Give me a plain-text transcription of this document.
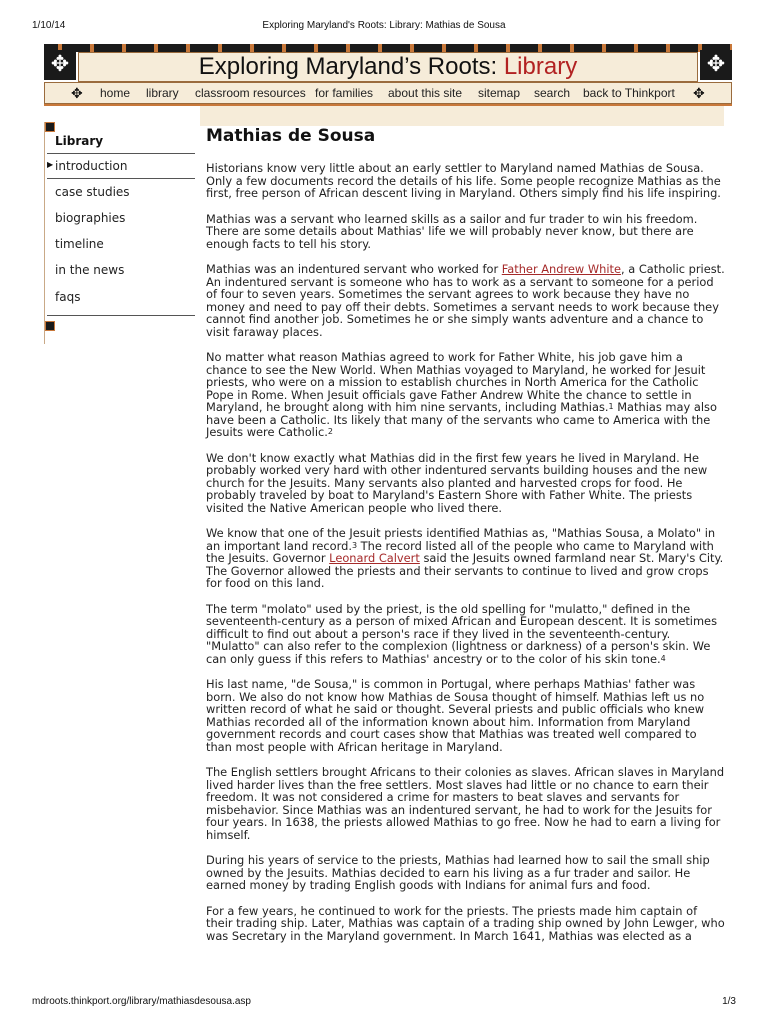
1/10/14	Exploring Maryland's Roots: Library: Mathias de Sousa
✥	Exploring Maryland’s Roots: Library	✥
✥ home library classroom resources for families about this site sitemap search back to Thinkport ✥
Library
▶ introduction
case studies
biographies
timeline
in the news
faqs
Mathias de Sousa

Historians know very little about an early settler to Maryland named Mathias de Sousa. Only a few documents record the details of his life. Some people recognize Mathias as the first, free person of African descent living in Maryland. Others simply find his life inspiring.

Mathias was a servant who learned skills as a sailor and fur trader to win his freedom. There are some details about Mathias' life we will probably never know, but there are enough facts to tell his story.

Mathias was an indentured servant who worked for Father Andrew White, a Catholic priest. An indentured servant is someone who has to work as a servant to someone for a period of four to seven years. Sometimes the servant agrees to work because they have no money and need to pay off their debts. Sometimes a servant needs to work because they cannot find another job. Sometimes he or she simply wants adventure and a chance to visit faraway places.

No matter what reason Mathias agreed to work for Father White, his job gave him a chance to see the New World. When Mathias voyaged to Maryland, he worked for Jesuit priests, who were on a mission to establish churches in North America for the Catholic Pope in Rome. When Jesuit officials gave Father Andrew White the chance to settle in Maryland, he brought along with him nine servants, including Mathias.$^1$ Mathias may also have been a Catholic. Its likely that many of the servants who came to America with the Jesuits were Catholic.$^2$

We don't know exactly what Mathias did in the first few years he lived in Maryland. He probably worked very hard with other indentured servants building houses and the new church for the Jesuits. Many servants also planted and harvested crops for food. He probably traveled by boat to Maryland's Eastern Shore with Father White. The priests visited the Native American people who lived there.

We know that one of the Jesuit priests identified Mathias as, "Mathias Sousa, a Molato" in an important land record.$^3$ The record listed all of the people who came to Maryland with the Jesuits. Governor Leonard Calvert said the Jesuits owned farmland near St. Mary's City. The Governor allowed the priests and their servants to continue to lived and grow crops for food on this land.

The term "molato" used by the priest, is the old spelling for "mulatto," defined in the seventeenth-century as a person of mixed African and European descent. It is sometimes difficult to find out about a person's race if they lived in the seventeenth-century. "Mulatto" can also refer to the complexion (lightness or darkness) of a person's skin. We can only guess if this refers to Mathias' ancestry or to the color of his skin tone.$^4$

His last name, "de Sousa," is common in Portugal, where perhaps Mathias' father was born. We also do not know how Mathias de Sousa thought of himself. Mathias left us no written record of what he said or thought. Several priests and public officials who knew Mathias recorded all of the information known about him. Information from Maryland government records and court cases show that Mathias was treated well compared to than most people with African heritage in Maryland.

The English settlers brought Africans to their colonies as slaves. African slaves in Maryland lived harder lives than the free settlers. Most slaves had little or no chance to earn their freedom. It was not considered a crime for masters to beat slaves and servants for misbehavior. Since Mathias was an indentured servant, he had to work for the Jesuits for four years. In 1638, the priests allowed Mathias to go free. Now he had to earn a living for himself.

During his years of service to the priests, Mathias had learned how to sail the small ship owned by the Jesuits. Mathias decided to earn his living as a fur trader and sailor. He earned money by trading English goods with Indians for animal furs and food.

For a few years, he continued to work for the priests. The priests made him captain of their trading ship. Later, Mathias was captain of a trading ship owned by John Lewger, who was Secretary in the Maryland government. In March 1641, Mathias was elected as a

mdroots.thinkport.org/library/mathiasdesousa.asp	1/3
